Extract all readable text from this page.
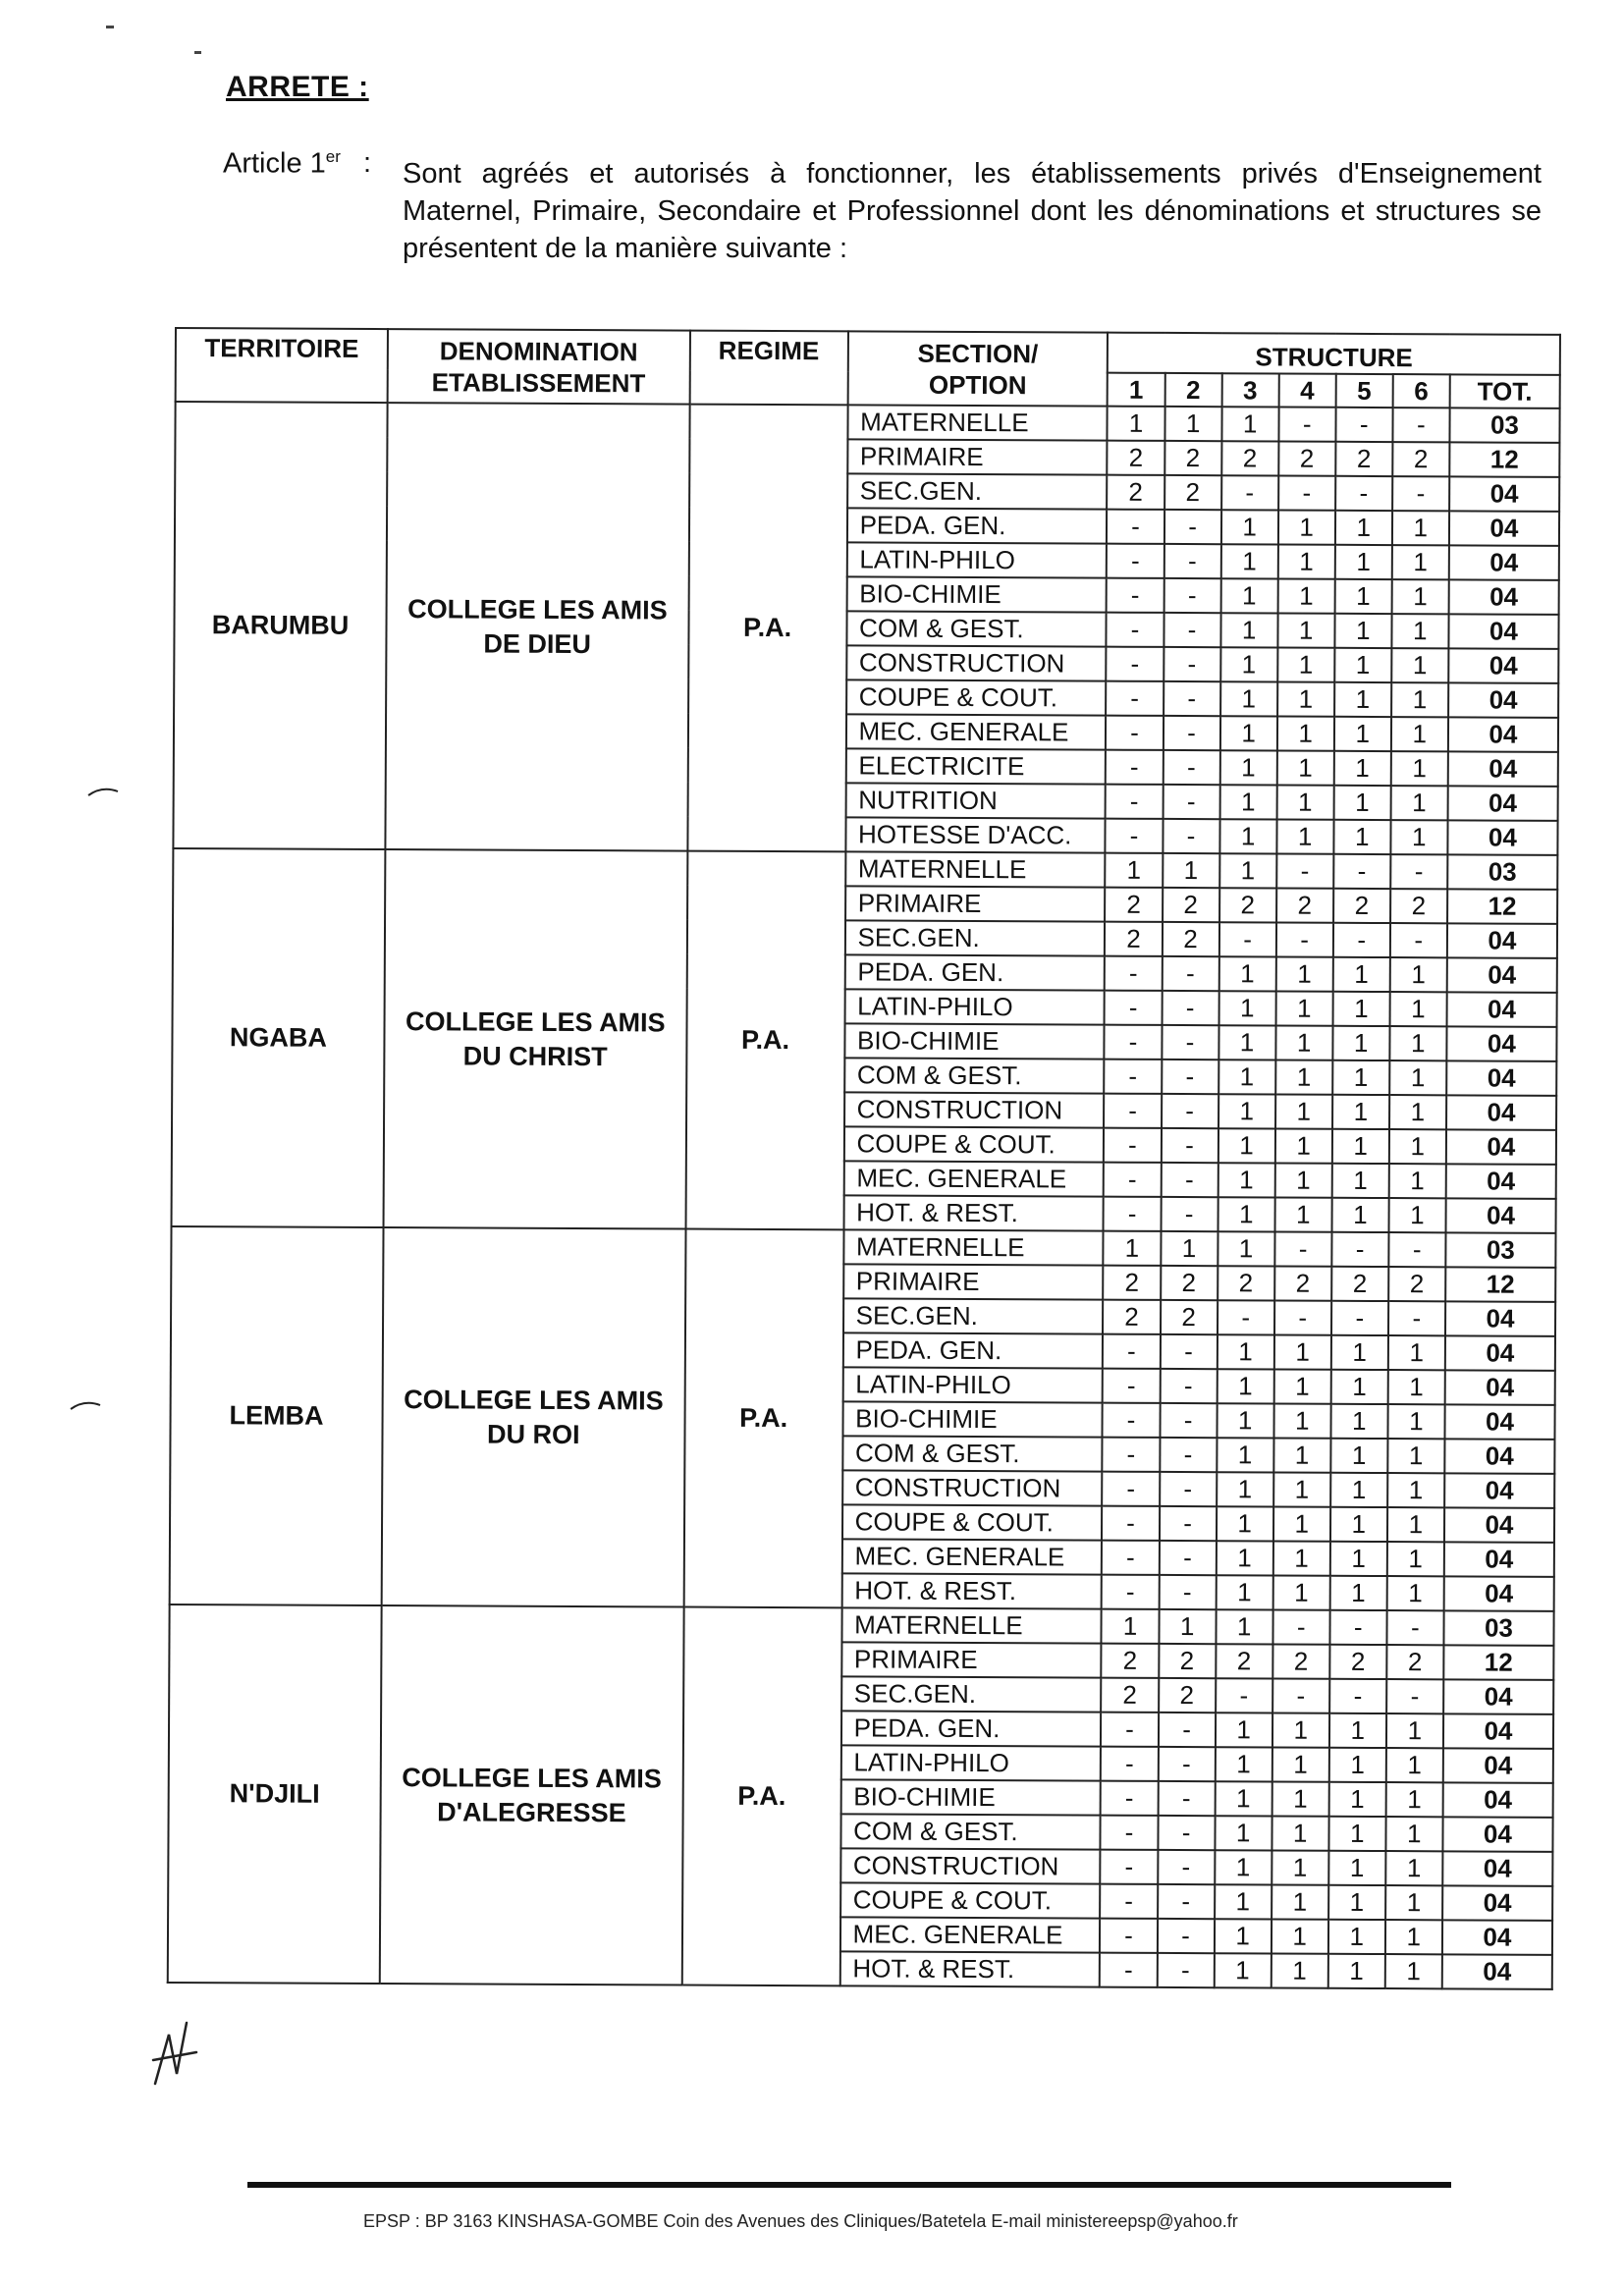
ARRETE :
Article 1er : Sont agréés et autorisés à fonctionner, les établissements privés d'Enseignement Maternel, Primaire, Secondaire et Professionnel dont les dénominations et structures se présentent de la manière suivante :
TERRITOIRE	DENOMINATION ETABLISSEMENT	REGIME	SECTION/ OPTION	STRUCTURE						
				1	2	3	4	5	6	TOT.
BARUMBU	COLLEGE LES AMIS DE DIEU	P.A.	MATERNELLE	1	1	1	-	-	-	03
			PRIMAIRE	2	2	2	2	2	2	12
			SEC.GEN.	2	2	-	-	-	-	04
			PEDA. GEN.	-	-	1	1	1	1	04
			LATIN-PHILO	-	-	1	1	1	1	04
			BIO-CHIMIE	-	-	1	1	1	1	04
			COM & GEST.	-	-	1	1	1	1	04
			CONSTRUCTION	-	-	1	1	1	1	04
			COUPE & COUT.	-	-	1	1	1	1	04
			MEC. GENERALE	-	-	1	1	1	1	04
			ELECTRICITE	-	-	1	1	1	1	04
			NUTRITION	-	-	1	1	1	1	04
			HOTESSE D'ACC.	-	-	1	1	1	1	04
NGABA	COLLEGE LES AMIS DU CHRIST	P.A.	MATERNELLE	1	1	1	-	-	-	03
			PRIMAIRE	2	2	2	2	2	2	12
			SEC.GEN.	2	2	-	-	-	-	04
			PEDA. GEN.	-	-	1	1	1	1	04
			LATIN-PHILO	-	-	1	1	1	1	04
			BIO-CHIMIE	-	-	1	1	1	1	04
			COM & GEST.	-	-	1	1	1	1	04
			CONSTRUCTION	-	-	1	1	1	1	04
			COUPE & COUT.	-	-	1	1	1	1	04
			MEC. GENERALE	-	-	1	1	1	1	04
			HOT. & REST.	-	-	1	1	1	1	04
LEMBA	COLLEGE LES AMIS DU ROI	P.A.	MATERNELLE	1	1	1	-	-	-	03
			PRIMAIRE	2	2	2	2	2	2	12
			SEC.GEN.	2	2	-	-	-	-	04
			PEDA. GEN.	-	-	1	1	1	1	04
			LATIN-PHILO	-	-	1	1	1	1	04
			BIO-CHIMIE	-	-	1	1	1	1	04
			COM & GEST.	-	-	1	1	1	1	04
			CONSTRUCTION	-	-	1	1	1	1	04
			COUPE & COUT.	-	-	1	1	1	1	04
			MEC. GENERALE	-	-	1	1	1	1	04
			HOT. & REST.	-	-	1	1	1	1	04
N'DJILI	COLLEGE LES AMIS D'ALEGRESSE	P.A.	MATERNELLE	1	1	1	-	-	-	03
			PRIMAIRE	2	2	2	2	2	2	12
			SEC.GEN.	2	2	-	-	-	-	04
			PEDA. GEN.	-	-	1	1	1	1	04
			LATIN-PHILO	-	-	1	1	1	1	04
			BIO-CHIMIE	-	-	1	1	1	1	04
			COM & GEST.	-	-	1	1	1	1	04
			CONSTRUCTION	-	-	1	1	1	1	04
			COUPE & COUT.	-	-	1	1	1	1	04
			MEC. GENERALE	-	-	1	1	1	1	04
			HOT. & REST.	-	-	1	1	1	1	04
EPSP : BP 3163 KINSHASA-GOMBE Coin des Avenues des Cliniques/Batetela E-mail ministereepsp@yahoo.fr
